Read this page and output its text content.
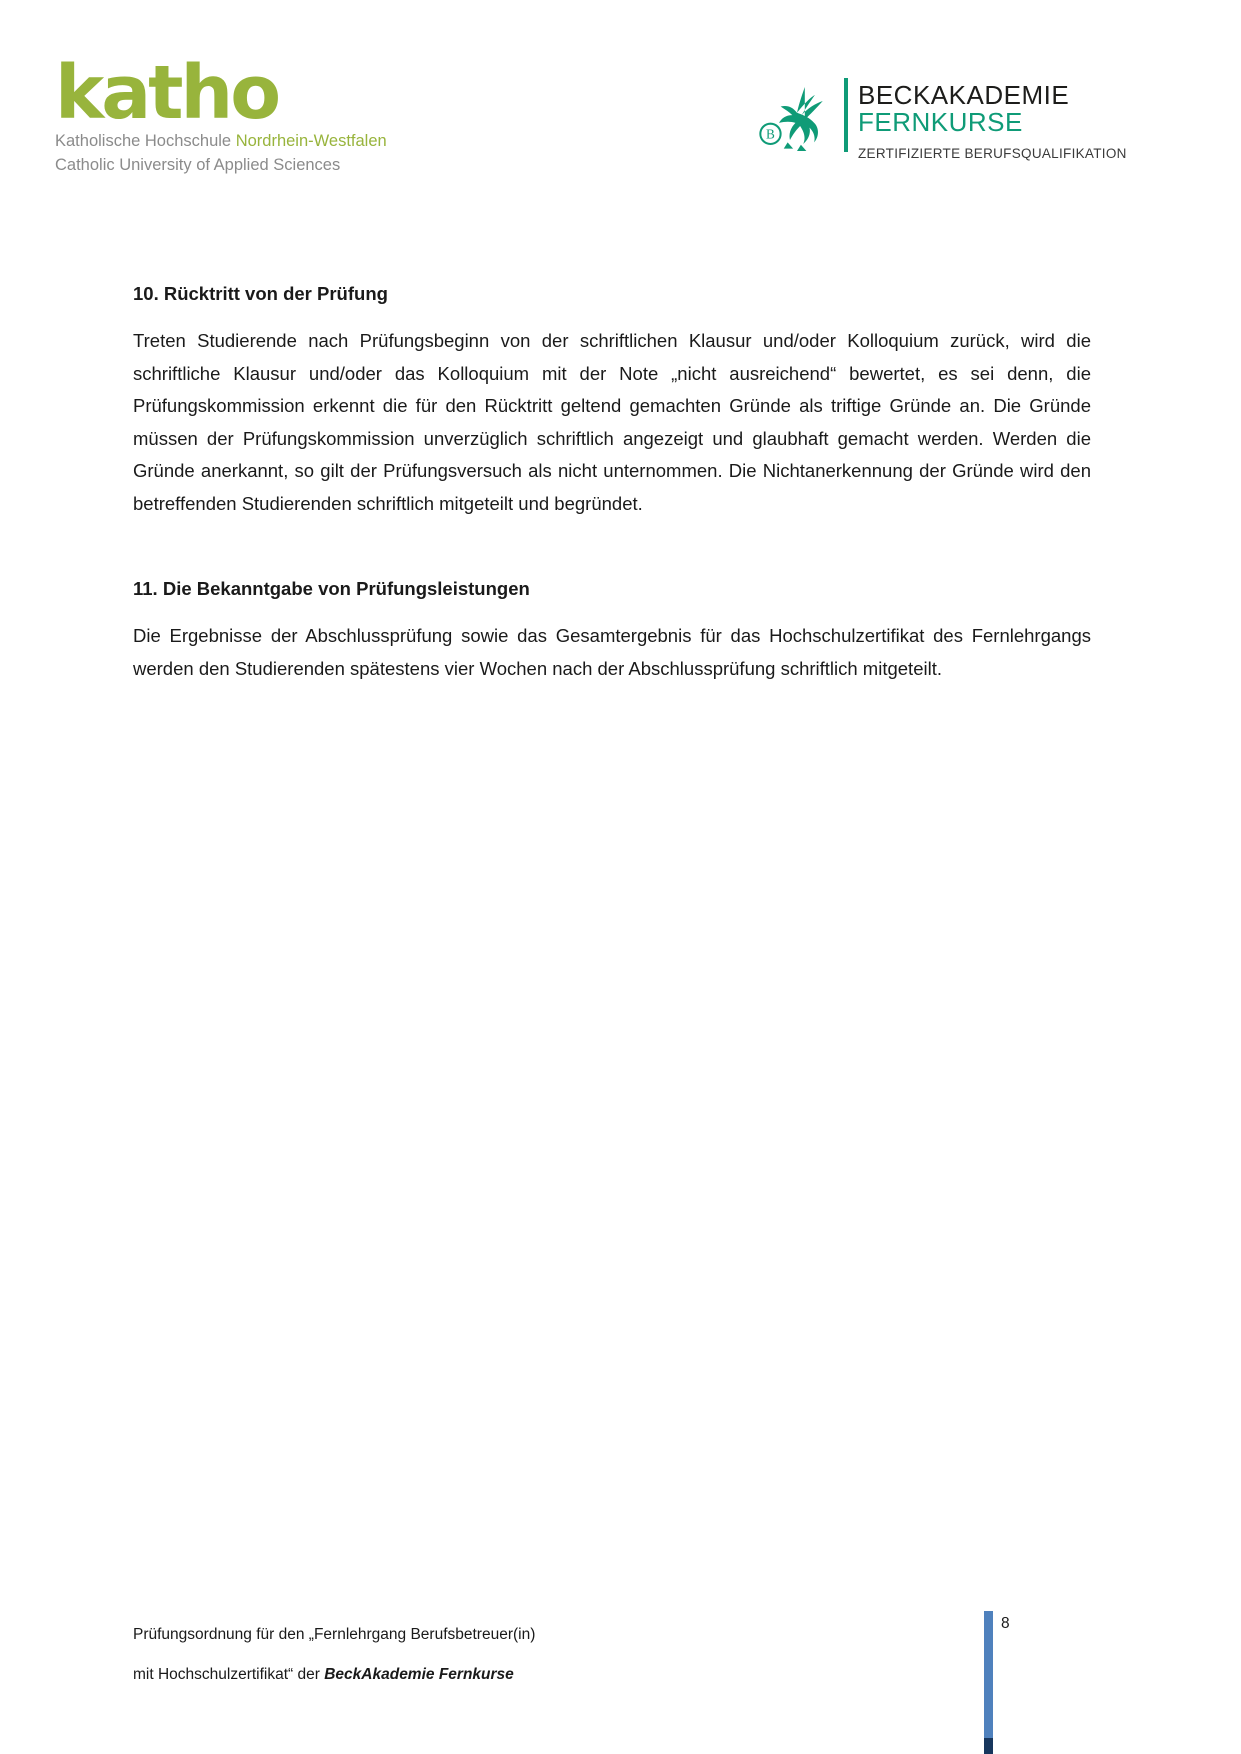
katho
Katholische Hochschule Nordrhein-Westfalen
Catholic University of Applied Sciences
B
BECKAKADEMIE
FERNKURSE
ZERTIFIZIERTE BERUFSQUALIFIKATION
10. Rücktritt von der Prüfung
Treten Studierende nach Prüfungsbeginn von der schriftlichen Klausur und/oder Kolloquium zurück, wird die schriftliche Klausur und/oder das Kolloquium mit der Note „nicht ausreichend“ bewertet, es sei denn, die Prüfungskommission erkennt die für den Rücktritt geltend gemachten Gründe als triftige Gründe an. Die Gründe müssen der Prüfungskommission unverzüglich schriftlich angezeigt und glaubhaft gemacht werden. Werden die Gründe anerkannt, so gilt der Prüfungsversuch als nicht unternommen. Die Nichtanerkennung der Gründe wird den betreffenden Studierenden schriftlich mitgeteilt und begründet.
11. Die Bekanntgabe von Prüfungsleistungen
Die Ergebnisse der Abschlussprüfung sowie das Gesamtergebnis für das Hochschulzertifikat des Fernlehrgangs werden den Studierenden spätestens vier Wochen nach der Abschlussprüfung schriftlich mitgeteilt.
Prüfungsordnung für den „Fernlehrgang Berufsbetreuer(in)
mit Hochschulzertifikat“ der BeckAkademie Fernkurse
8
